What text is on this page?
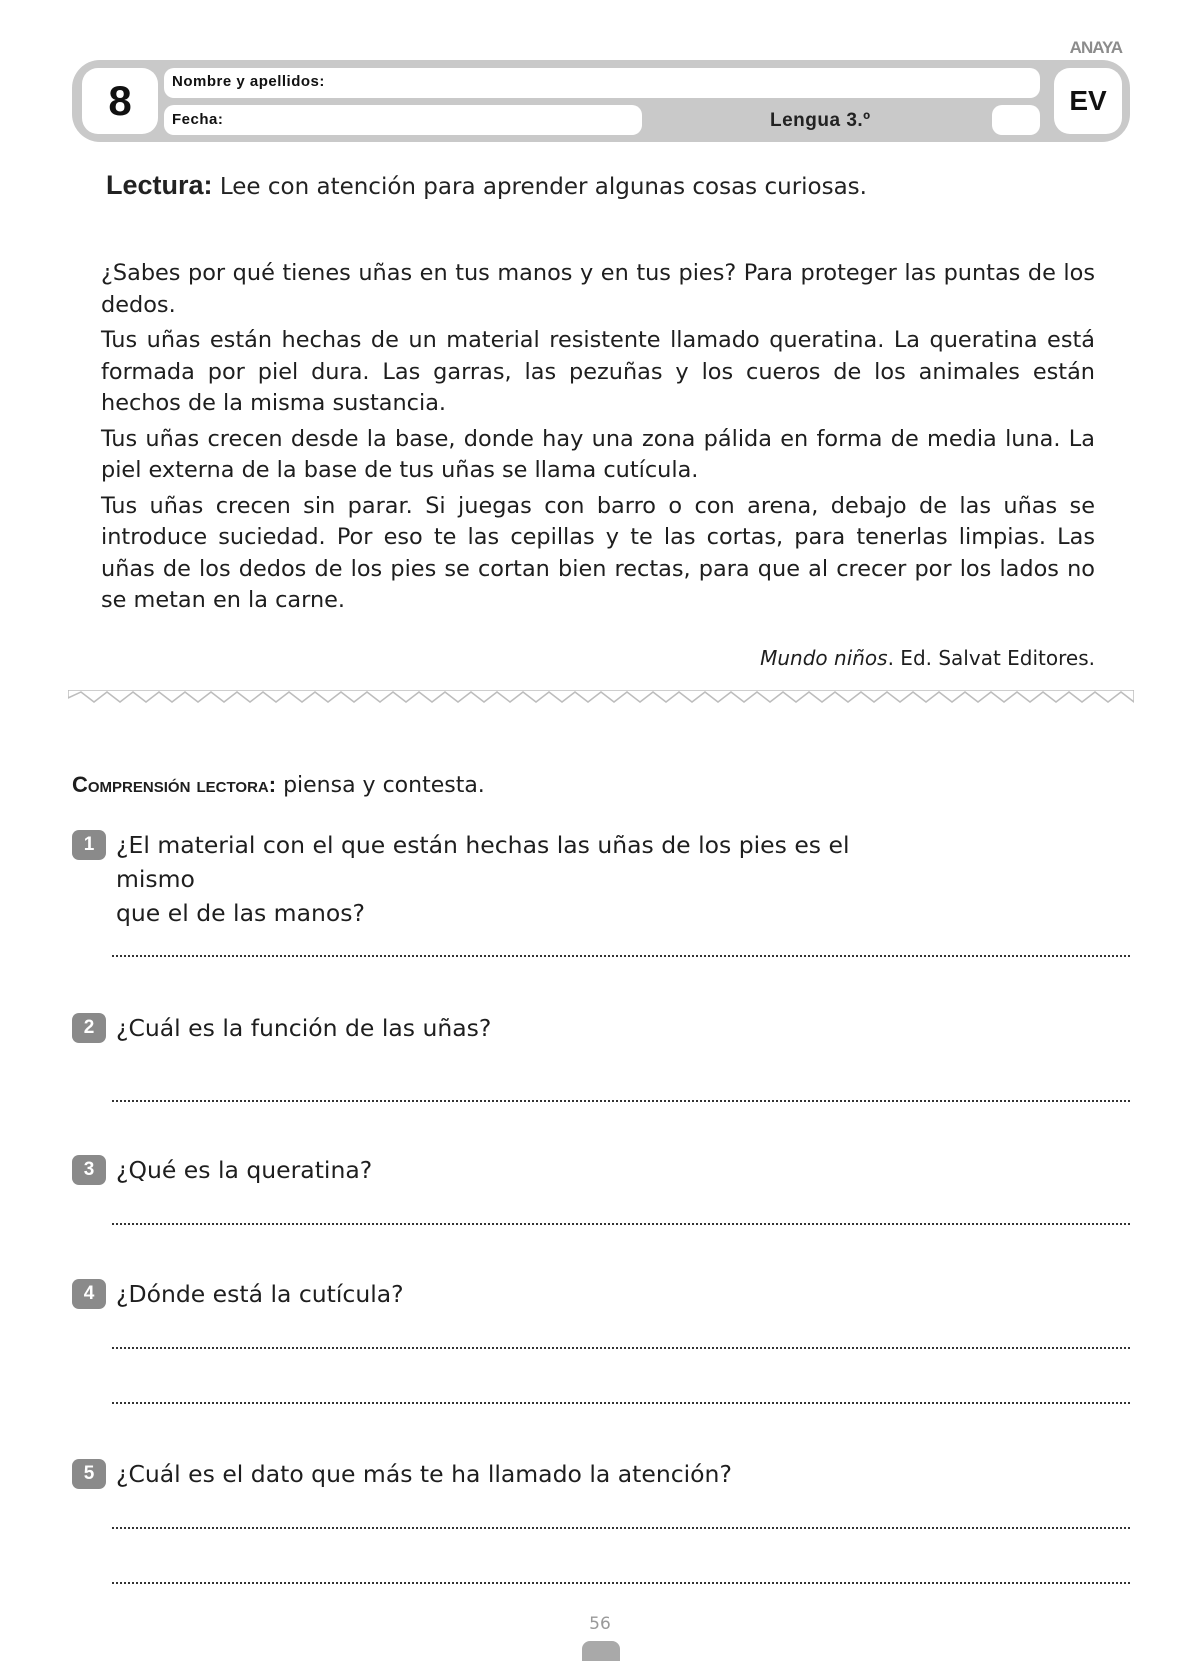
ANAYA
8	Nombre y apellidos:
Fecha:	Lengua 3.º
EV
Lectura: Lee con atención para aprender algunas cosas curiosas.

¿Sabes por qué tienes uñas en tus manos y en tus pies? Para proteger las puntas de los dedos.

Tus uñas están hechas de un material resistente llamado queratina. La queratina está formada por piel dura. Las garras, las pezuñas y los cueros de los animales están hechos de la misma sustancia.

Tus uñas crecen desde la base, donde hay una zona pálida en forma de media luna. La piel externa de la base de tus uñas se llama cutícula.

Tus uñas crecen sin parar. Si juegas con barro o con arena, debajo de las uñas se introduce suciedad. Por eso te las cepillas y te las cortas, para tenerlas limpias. Las uñas de los dedos de los pies se cortan bien rectas, para que al crecer por los lados no se metan en la carne.

Mundo niños. Ed. Salvat Editores.
Comprensión lectora: piensa y contesta.
1 ¿El material con el que están hechas las uñas de los pies es el mismo
que el de las manos?
2 ¿Cuál es la función de las uñas?
3 ¿Qué es la queratina?
4 ¿Dónde está la cutícula?
5 ¿Cuál es el dato que más te ha llamado la atención?
56
